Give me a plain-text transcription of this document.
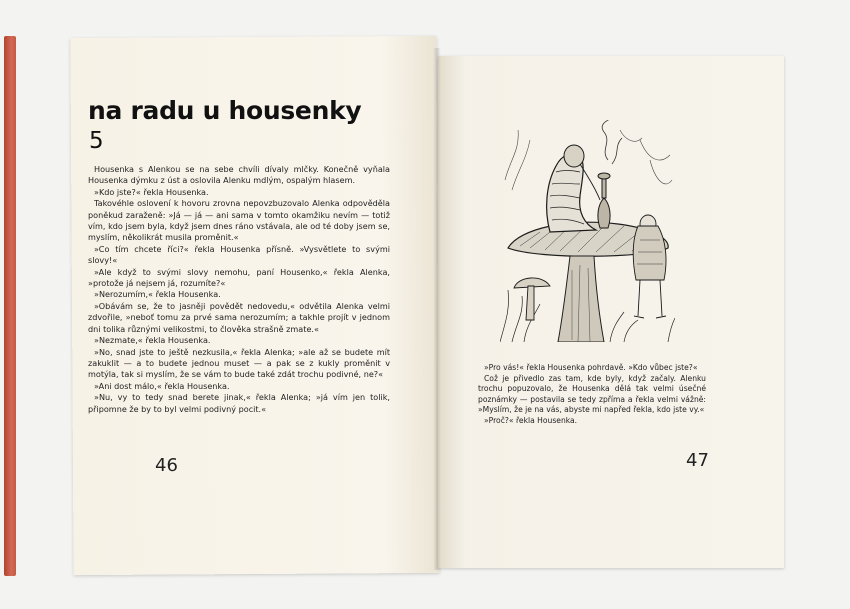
na radu u housenky
5

Housenka s Alenkou se na sebe chvíli dívaly mlčky. Konečně vyňala Housenka dýmku z úst a oslovila Alenku mdlým, ospalým hlasem.

»Kdo jste?« řekla Housenka.

Takovéhle oslovení k hovoru zrovna nepovzbuzovalo Alenka odpověděla poněkud zaraženě: »Já — já — ani sama v tomto okamžiku nevím — totiž vím, kdo jsem byla, když jsem dnes ráno vstávala, ale od té doby jsem se, myslím, několikrát musila proměnit.«

»Co tím chcete říci?« řekla Housenka přísně. »Vysvětlete to svými slovy!«

»Ale když to svými slovy nemohu, paní Housenko,« řekla Alenka, »protože já nejsem já, rozumíte?«

»Nerozumím,« řekla Housenka.

»Obávám se, že to jasněji povědět nedovedu,« odvětila Alenka velmi zdvořile, »neboť tomu za prvé sama nerozumím; a takhle projít v jednom dni tolika různými velikostmi, to člověka strašně zmate.«

»Nezmate,« řekla Housenka.

»No, snad jste to ještě nezkusila,« řekla Alenka; »ale až se budete mít zakuklit — a to budete jednou muset — a pak se z kukly proměnit v motýla, tak si myslím, že se vám to bude také zdát trochu podivné, ne?«

»Ani dost málo,« řekla Housenka.

»Nu, vy to tedy snad berete jinak,« řekla Alenka; »já vím jen tolik, připomne že by to byl velmi podivný pocit.«

46

»Pro vás!« řekla Housenka pohrdavě. »Kdo vůbec jste?«

Což je přivedlo zas tam, kde byly, když začaly. Alenku trochu popuzovalo, že Housenka dělá tak velmi úsečné poznámky — postavila se tedy zpříma a řekla velmi vážně: »Myslím, že je na vás, abyste mi napřed řekla, kdo jste vy.«

»Proč?« řekla Housenka.

47
